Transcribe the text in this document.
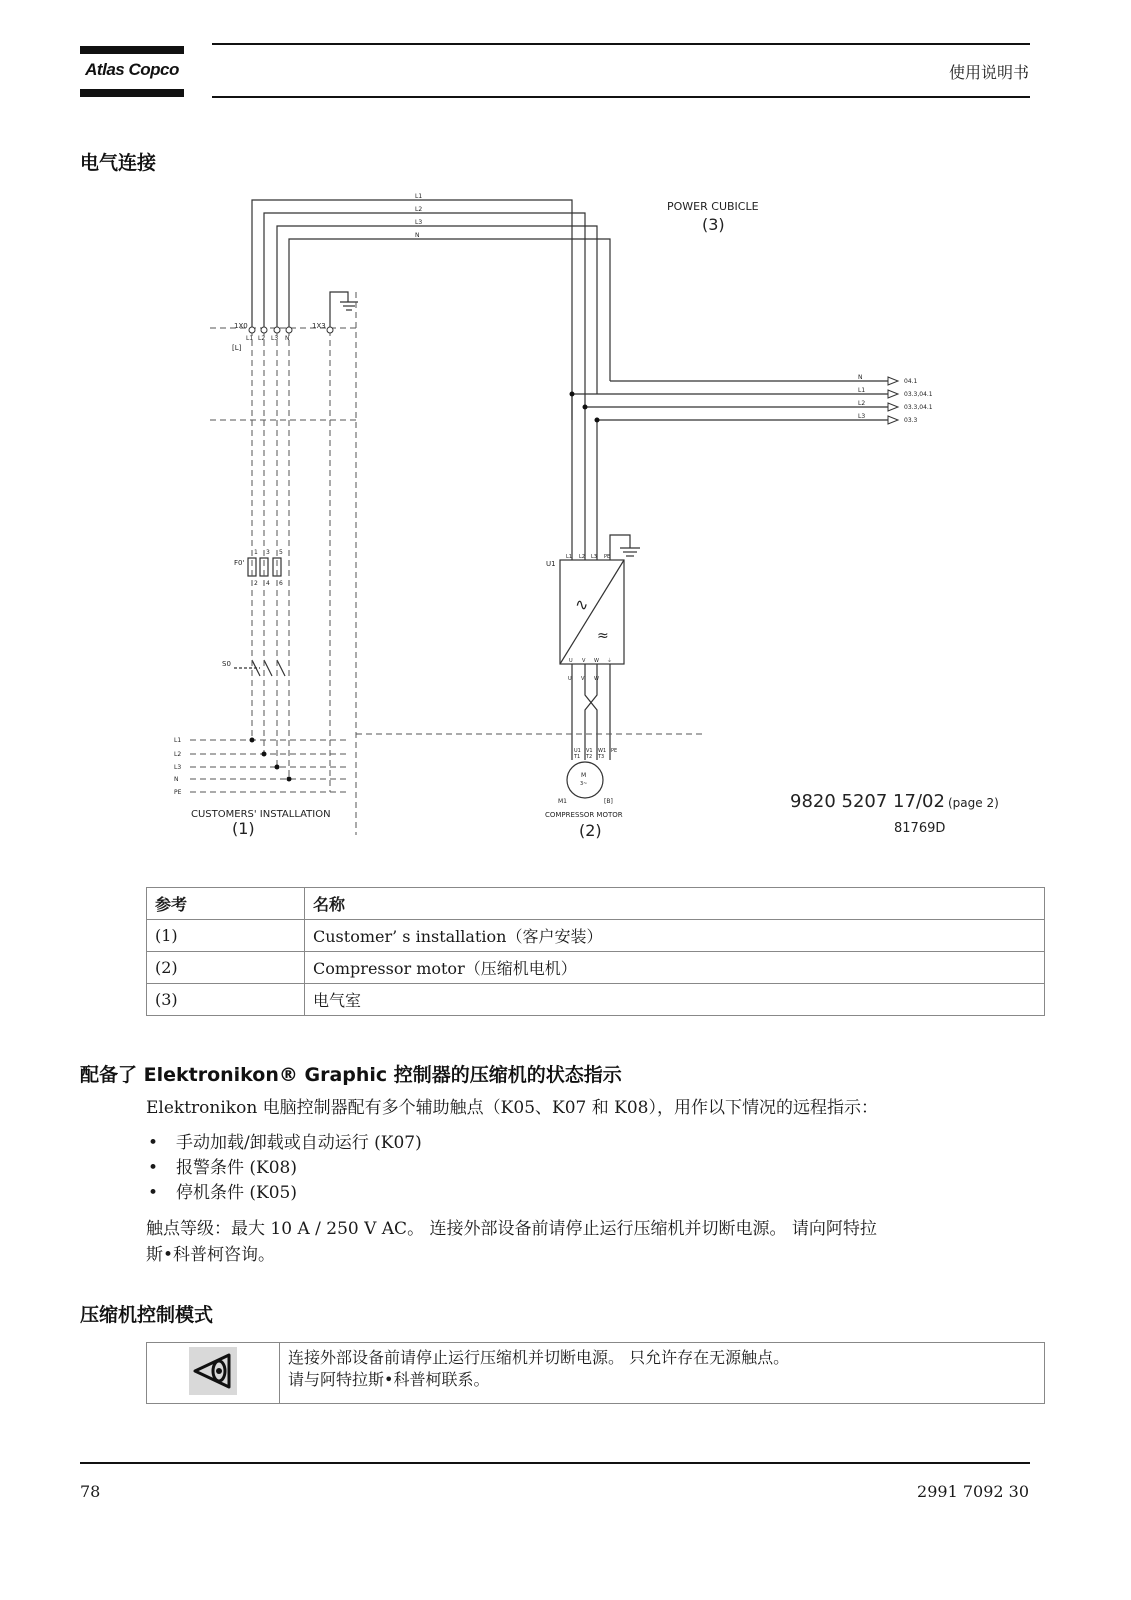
Atlas Copco	使用说明书
电气连接
L1
L2
L3
N
POWER CUBICLE
(3)
1X0
[L]
L1 L2 L3 N
1X3
N
L1
L2
L3
04.1
03.3,04.1
03.3,04.1
03.3
F0'
1 3 5
2 4 6
S0
U1
L1 L2 L3 PE
∿
≈
U V W ⏚
U V W
U1 V1 W1 PE
T1 T2 T3
M
3~
M1	[B]
COMPRESSOR MOTOR
(2)
L1
L2
L3
N
PE
CUSTOMERS' INSTALLATION
(1)
9820 5207 17/02 (page 2)
81769D
参考	名称
(1)	Customer’ s installation（客户安装）
(2)	Compressor motor（压缩机电机）
(3)	电气室
配备了 Elektronikon® Graphic 控制器的压缩机的状态指示
Elektronikon 电脑控制器配有多个辅助触点（K05、K07 和 K08），用作以下情况的远程指示：
• 手动加载/卸载或自动运行 (K07)
• 报警条件 (K08)
• 停机条件 (K05)
触点等级：最大 10 A / 250 V AC。 连接外部设备前请停止运行压缩机并切断电源。 请向阿特拉
斯•科普柯咨询。
压缩机控制模式

连接外部设备前请停止运行压缩机并切断电源。 只允许存在无源触点。
请与阿特拉斯•科普柯联系。
78	2991 7092 30
